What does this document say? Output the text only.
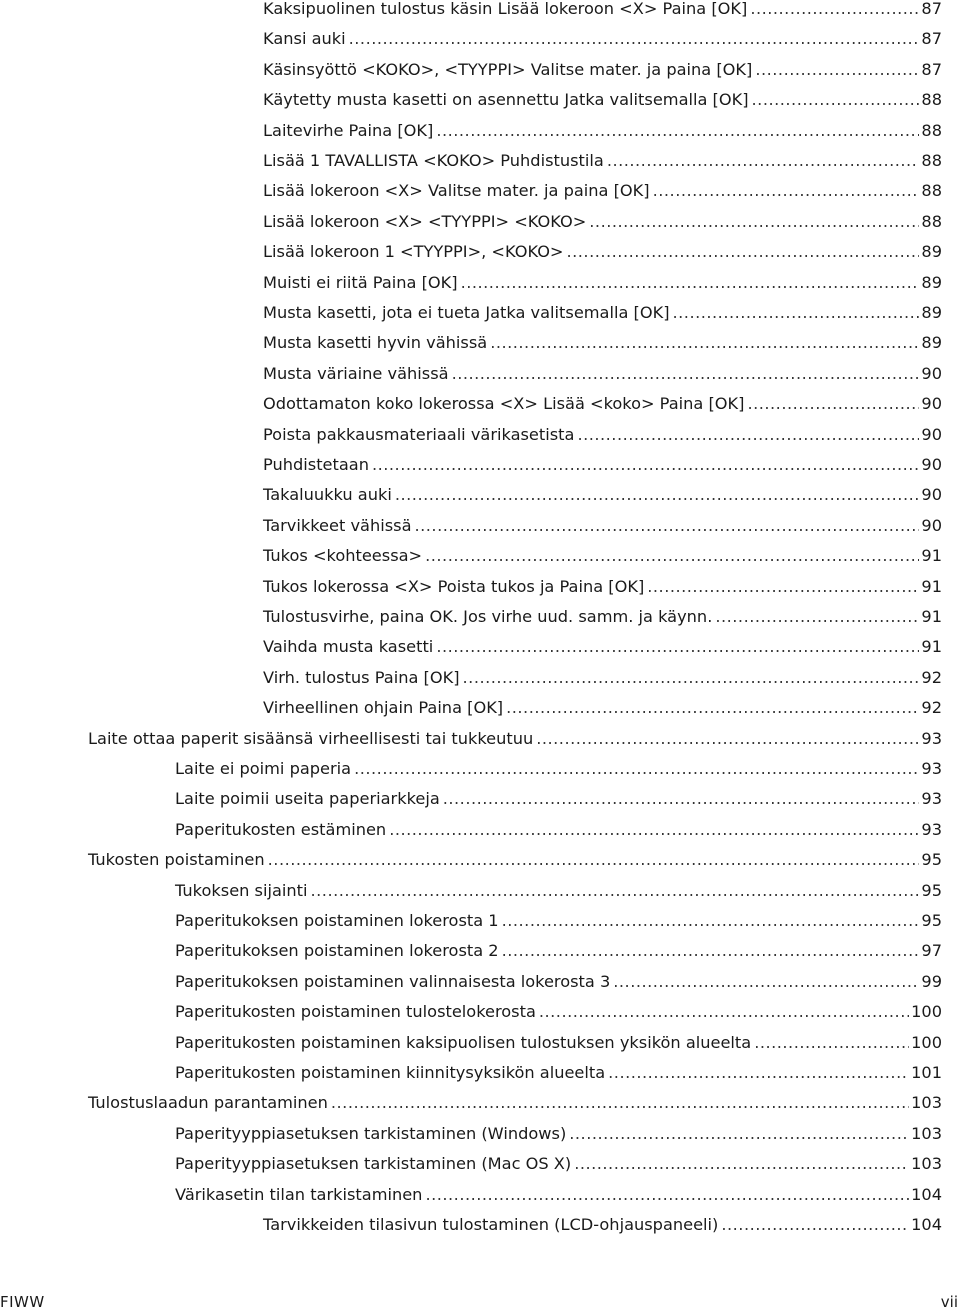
Kaksipuolinen tulostus käsin Lisää lokeroon <X> Paina [OK] .....	87
Kansi auki .....	87
Käsinsyöttö <KOKO>, <TYYPPI> Valitse mater. ja paina [OK] .....	87
Käytetty musta kasetti on asennettu Jatka valitsemalla [OK] .....	88
Laitevirhe Paina [OK] .....	88
Lisää 1 TAVALLISTA <KOKO> Puhdistustila .....	88
Lisää lokeroon <X> Valitse mater. ja paina [OK] .....	88
Lisää lokeroon <X> <TYYPPI> <KOKO> .....	88
Lisää lokeroon 1 <TYYPPI>, <KOKO> .....	89
Muisti ei riitä Paina [OK] .....	89
Musta kasetti, jota ei tueta Jatka valitsemalla [OK] .....	89
Musta kasetti hyvin vähissä .....	89
Musta väriaine vähissä .....	90
Odottamaton koko lokerossa <X> Lisää <koko> Paina [OK] .....	90
Poista pakkausmateriaali värikasetista .....	90
Puhdistetaan .....	90
Takaluukku auki .....	90
Tarvikkeet vähissä .....	90
Tukos <kohteessa> .....	91
Tukos lokerossa <X> Poista tukos ja Paina [OK] .....	91
Tulostusvirhe, paina OK. Jos virhe uud. samm. ja käynn. .....	91
Vaihda musta kasetti .....	91
Virh. tulostus Paina [OK] .....	92
Virheellinen ohjain Paina [OK] .....	92
Laite ottaa paperit sisäänsä virheellisesti tai tukkeutuu .....	93
Laite ei poimi paperia .....	93
Laite poimii useita paperiarkkeja .....	93
Paperitukosten estäminen .....	93
Tukosten poistaminen .....	95
Tukoksen sijainti .....	95
Paperitukoksen poistaminen lokerosta 1 .....	95
Paperitukoksen poistaminen lokerosta 2 .....	97
Paperitukoksen poistaminen valinnaisesta lokerosta 3 .....	99
Paperitukosten poistaminen tulostelokerosta .....	100
Paperitukosten poistaminen kaksipuolisen tulostuksen yksikön alueelta .....	100
Paperitukosten poistaminen kiinnitysyksikön alueelta .....	101
Tulostuslaadun parantaminen .....	103
Paperityyppiasetuksen tarkistaminen (Windows) .....	103
Paperityyppiasetuksen tarkistaminen (Mac OS X) .....	103
Värikasetin tilan tarkistaminen .....	104
Tarvikkeiden tilasivun tulostaminen (LCD-ohjauspaneeli) .....	104
FIWW	vii
